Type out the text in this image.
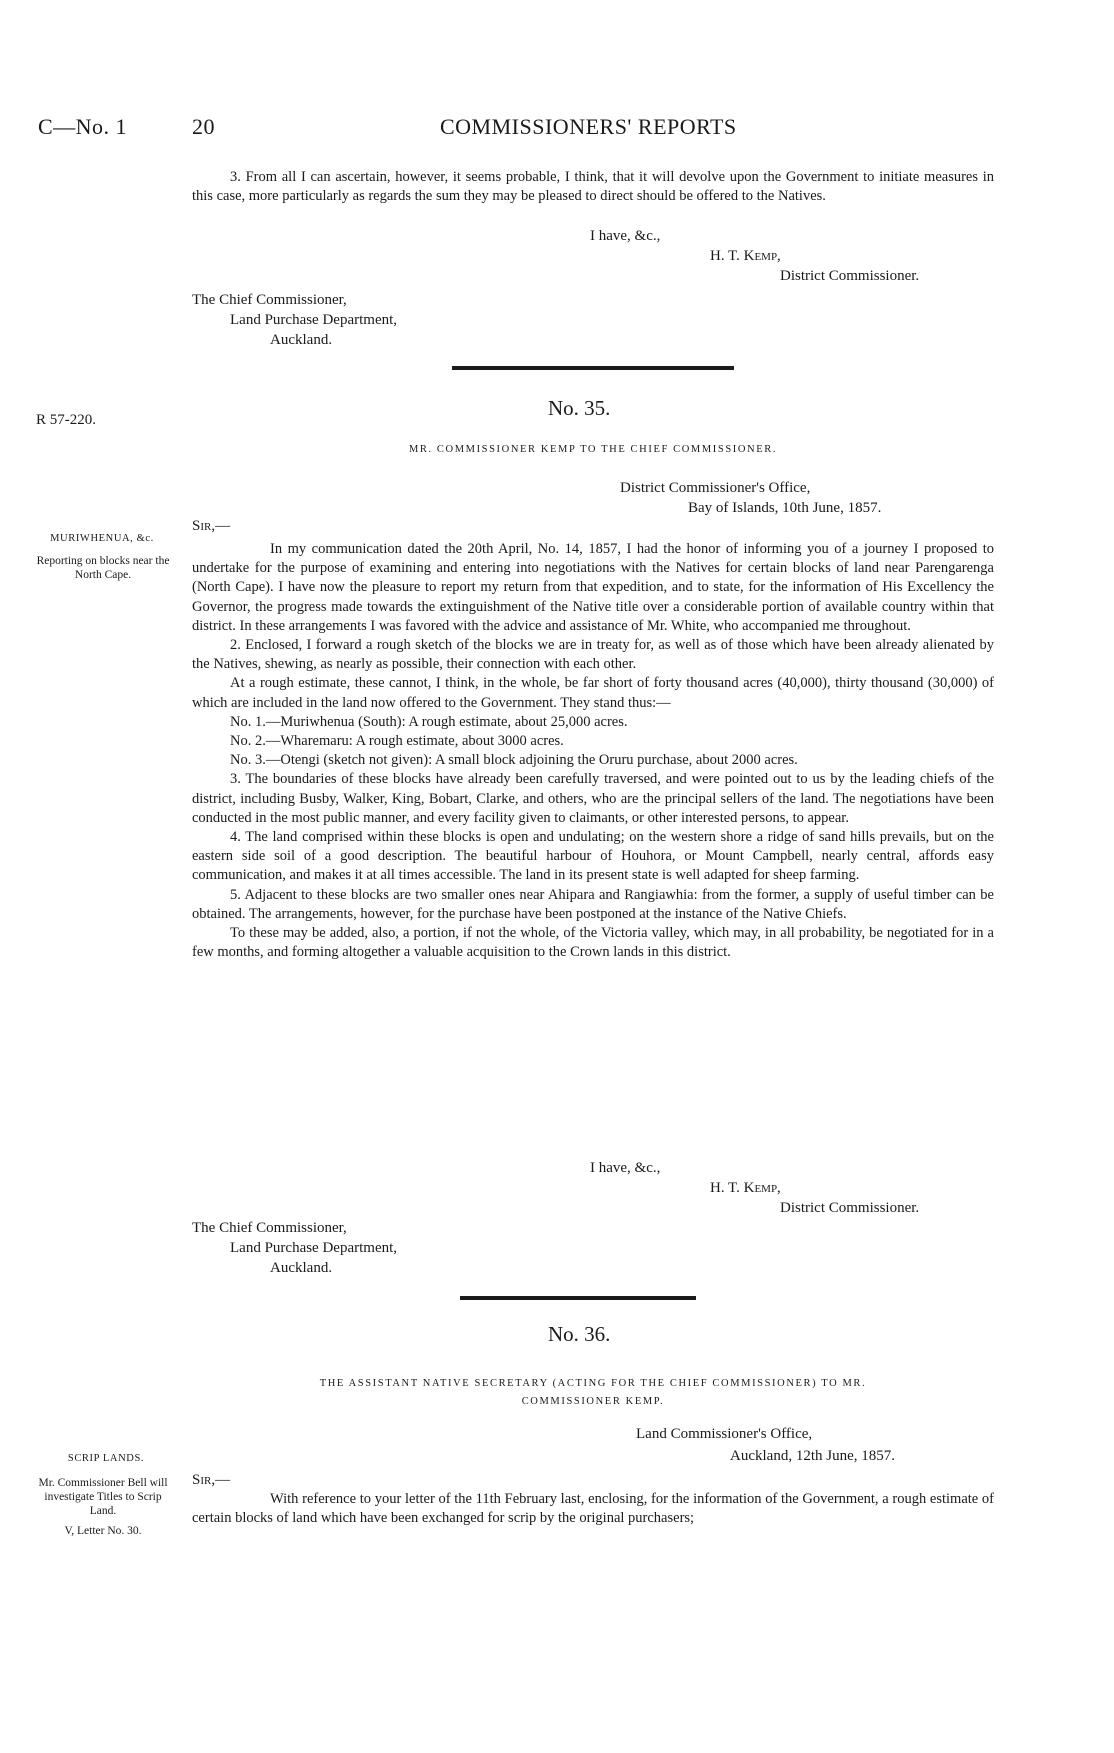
C—No. 1	20	COMMISSIONERS' REPORTS

3. From all I can ascertain, however, it seems probable, I think, that it will devolve upon the Government to initiate measures in this case, more particularly as regards the sum they may be pleased to direct should be offered to the Natives.

I have, &c.,
H. T. Kemp,
District Commissioner.
The Chief Commissioner,
Land Purchase Department,
Auckland.
R 57-220.	No. 35.
MR. COMMISSIONER KEMP TO THE CHIEF COMMISSIONER.
District Commissioner's Office,
Bay of Islands, 10th June, 1857.
Sir,—
MURIWHENUA, &c.
Reporting on blocks near the North Cape.

In my communication dated the 20th April, No. 14, 1857, I had the honor of informing you of a journey I proposed to undertake for the purpose of examining and entering into negotiations with the Natives for certain blocks of land near Parengarenga (North Cape). I have now the pleasure to report my return from that expedition, and to state, for the information of His Excellency the Governor, the progress made towards the extinguishment of the Native title over a considerable portion of available country within that district. In these arrangements I was favored with the advice and assistance of Mr. White, who accompanied me throughout.

2. Enclosed, I forward a rough sketch of the blocks we are in treaty for, as well as of those which have been already alienated by the Natives, shewing, as nearly as possible, their connection with each other.

At a rough estimate, these cannot, I think, in the whole, be far short of forty thousand acres (40,000), thirty thousand (30,000) of which are included in the land now offered to the Government. They stand thus:—

No. 1.—Muriwhenua (South): A rough estimate, about 25,000 acres.

No. 2.—Wharemaru: A rough estimate, about 3000 acres.

No. 3.—Otengi (sketch not given): A small block adjoining the Oruru purchase, about 2000 acres.

3. The boundaries of these blocks have already been carefully traversed, and were pointed out to us by the leading chiefs of the district, including Busby, Walker, King, Bobart, Clarke, and others, who are the principal sellers of the land. The negotiations have been conducted in the most public manner, and every facility given to claimants, or other interested persons, to appear.

4. The land comprised within these blocks is open and undulating; on the western shore a ridge of sand hills prevails, but on the eastern side soil of a good description. The beautiful harbour of Houhora, or Mount Campbell, nearly central, affords easy communication, and makes it at all times accessible. The land in its present state is well adapted for sheep farming.

5. Adjacent to these blocks are two smaller ones near Ahipara and Rangiawhia: from the former, a supply of useful timber can be obtained. The arrangements, however, for the purchase have been postponed at the instance of the Native Chiefs.

To these may be added, also, a portion, if not the whole, of the Victoria valley, which may, in all probability, be negotiated for in a few months, and forming altogether a valuable acquisition to the Crown lands in this district.

I have, &c.,
H. T. Kemp,
District Commissioner.
The Chief Commissioner,
Land Purchase Department,
Auckland.
No. 36.
THE ASSISTANT NATIVE SECRETARY (ACTING FOR THE CHIEF COMMISSIONER) TO MR.
COMMISSIONER KEMP.
Land Commissioner's Office,
Auckland, 12th June, 1857.
SCRIP LANDS.
Mr. Commissioner Bell will investigate Titles to Scrip Land.
V, Letter No. 30.
Sir,—

With reference to your letter of the 11th February last, enclosing, for the information of the Government, a rough estimate of certain blocks of land which have been exchanged for scrip by the original purchasers;
